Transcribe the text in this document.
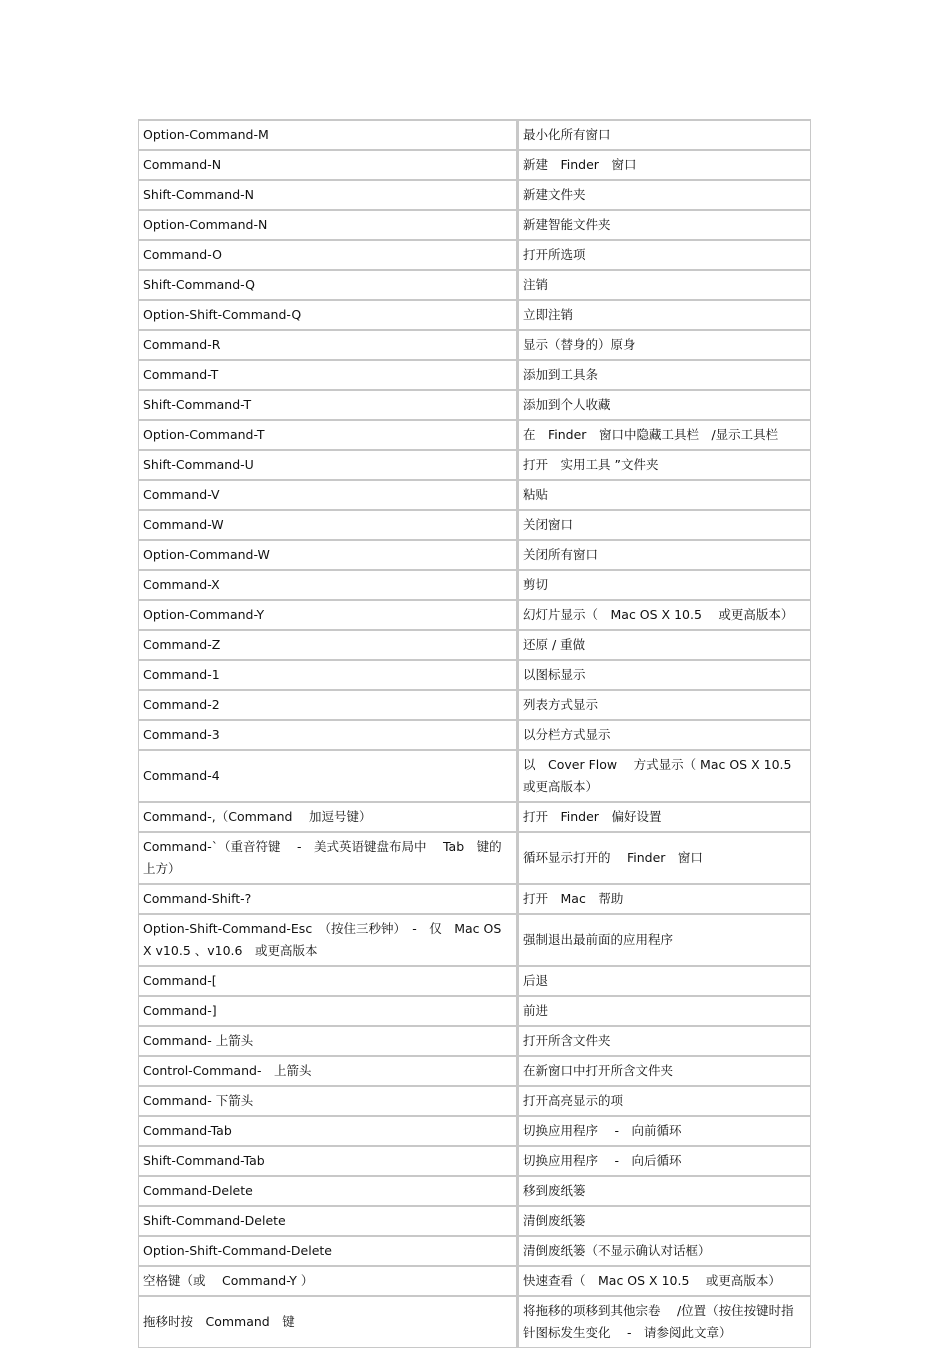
Option-Command-M	最小化所有窗口
Command-N	新建　Finder　窗口
Shift-Command-N	新建文件夹
Option-Command-N	新建智能文件夹
Command-O	打开所选项
Shift-Command-Q	注销
Option-Shift-Command-Q	立即注销
Command-R	显示（替身的）原身
Command-T	添加到工具条
Shift-Command-T	添加到个人收藏
Option-Command-T	在　Finder　窗口中隐藏工具栏　/显示工具栏
Shift-Command-U	打开　实用工具 ”文件夹
Command-V	粘贴
Command-W	关闭窗口
Option-Command-W	关闭所有窗口
Command-X	剪切
Option-Command-Y	幻灯片显示（　Mac OS X 10.5　 或更高版本）
Command-Z	还原 / 重做
Command-1	以图标显示
Command-2	列表方式显示
Command-3	以分栏方式显示
Command-4	以　Cover Flow　 方式显示（ Mac OS X 10.5 或更高版本）
Command-,（Command　 加逗号键）	打开　Finder　偏好设置
Command-`（重音符键　 -　美式英语键盘布局中　 Tab　键的上方）	循环显示打开的　 Finder　窗口
Command-Shift-?	打开　Mac　帮助
Option-Shift-Command-Esc　（按住三秒钟）　-　仅　Mac OS X v10.5 、v10.6　或更高版本	强制退出最前面的应用程序
Command-[	后退
Command-]	前进
Command- 上箭头	打开所含文件夹
Control-Command-　上箭头	在新窗口中打开所含文件夹
Command- 下箭头	打开高亮显示的项
Command-Tab	切换应用程序　 -　向前循环
Shift-Command-Tab	切换应用程序　 -　向后循环
Command-Delete	移到废纸篓
Shift-Command-Delete	清倒废纸篓
Option-Shift-Command-Delete	清倒废纸篓（不显示确认对话框）
空格键（或　 Command-Y ）	快速查看（　Mac OS X 10.5　 或更高版本）
拖移时按　Command　键	将拖移的项移到其他宗卷　 /位置（按住按键时指针图标发生变化　 -　请参阅此文章）
